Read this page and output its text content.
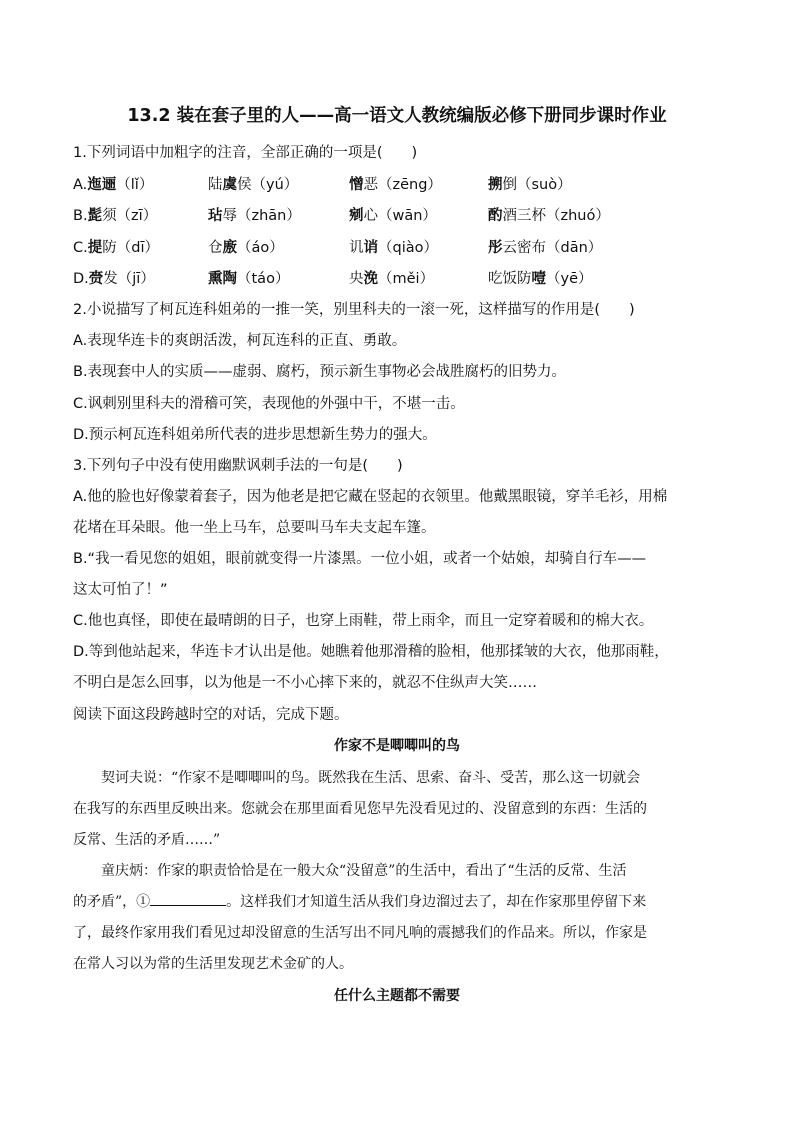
13.2 装在套子里的人——高一语文人教统编版必修下册同步课时作业
1.下列词语中加粗字的注音，全部正确的一项是(　　)
A.迤逦（lǐ）	陆虞侯（yú）	憎恶（zēng）	搠倒（suò）
B.髭须（zī）	玷辱（zhān）	剜心（wān）	酌酒三杯（zhuó）
C.提防（dī）	仓廒（áo）	讥诮（qiào）	彤云密布（dān）
D.赍发（jī）	熏陶（táo）	央浼（měi）	吃饭防噎（yē）
2.小说描写了柯瓦连科姐弟的一推一笑，别里科夫的一滚一死，这样描写的作用是(　　)
A.表现华连卡的爽朗活泼，柯瓦连科的正直、勇敢。
B.表现套中人的实质——虚弱、腐朽，预示新生事物必会战胜腐朽的旧势力。
C.讽刺别里科夫的滑稽可笑，表现他的外强中干，不堪一击。
D.预示柯瓦连科姐弟所代表的进步思想新生势力的强大。
3.下列句子中没有使用幽默讽刺手法的一句是(　　)
A.他的脸也好像蒙着套子，因为他老是把它藏在竖起的衣领里。他戴黑眼镜，穿羊毛衫，用棉
花堵在耳朵眼。他一坐上马车，总要叫马车夫支起车篷。
B.“我一看见您的姐姐，眼前就变得一片漆黑。一位小姐，或者一个姑娘，却骑自行车——
这太可怕了！”
C.他也真怪，即使在最晴朗的日子，也穿上雨鞋，带上雨伞，而且一定穿着暖和的棉大衣。
D.等到他站起来，华连卡才认出是他。她瞧着他那滑稽的脸相，他那揉皱的大衣，他那雨鞋，
不明白是怎么回事，以为他是一不小心摔下来的，就忍不住纵声大笑……
阅读下面这段跨越时空的对话，完成下题。
作家不是唧唧叫的鸟
契诃夫说：“作家不是唧唧叫的鸟。既然我在生活、思索、奋斗、受苦，那么这一切就会
在我写的东西里反映出来。您就会在那里面看见您早先没看见过的、没留意到的东西：生活的
反常、生活的矛盾……”
童庆炳：作家的职责恰恰是在一般大众“没留意”的生活中，看出了“生活的反常、生活
的矛盾”，①	。这样我们才知道生活从我们身边溜过去了，却在作家那里停留下来
了，最终作家用我们看见过却没留意的生活写出不同凡响的震撼我们的作品来。所以，作家是
在常人习以为常的生活里发现艺术金矿的人。
任什么主题都不需要
